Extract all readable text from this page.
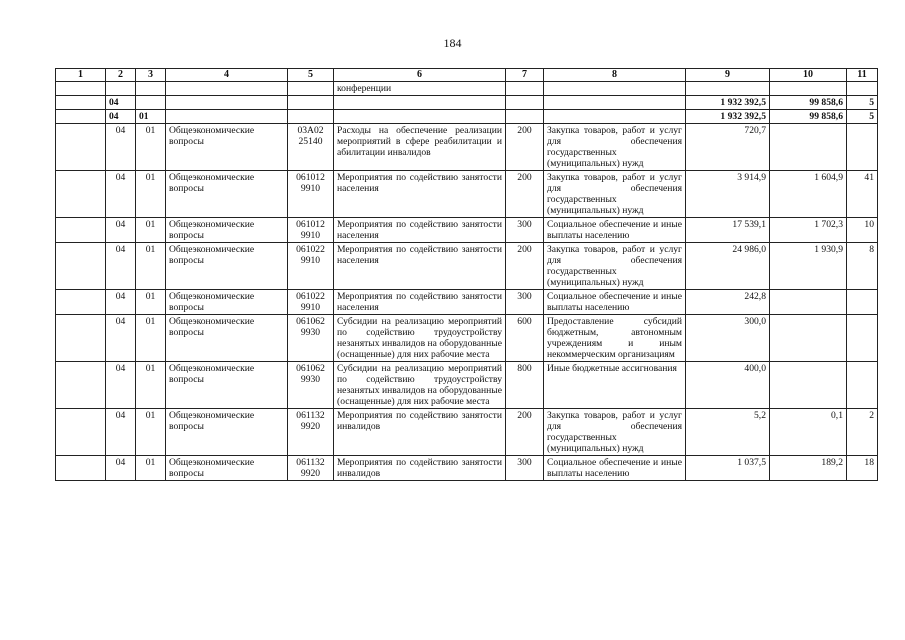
184
1	2	3	4	5	6	7	8	9	10	11
					конференции					
	04							1 932 392,5	99 858,6	5
	04	01						1 932 392,5	99 858,6	5
	04	01	Общеэкономические вопросы	03А02 25140	Расходы на обеспечение реализации мероприятий в сфере реабилитации и абилитации инвалидов	200	Закупка товаров, работ и услуг для обеспечения государственных (муниципальных) нужд	720,7		
	04	01	Общеэкономические вопросы	061012 9910	Мероприятия по содействию занятости населения	200	Закупка товаров, работ и услуг для обеспечения государственных (муниципальных) нужд	3 914,9	1 604,9	41
	04	01	Общеэкономические вопросы	061012 9910	Мероприятия по содействию занятости населения	300	Социальное обеспечение и иные выплаты населению	17 539,1	1 702,3	10
	04	01	Общеэкономические вопросы	061022 9910	Мероприятия по содействию занятости населения	200	Закупка товаров, работ и услуг для обеспечения государственных (муниципальных) нужд	24 986,0	1 930,9	8
	04	01	Общеэкономические вопросы	061022 9910	Мероприятия по содействию занятости населения	300	Социальное обеспечение и иные выплаты населению	242,8		
	04	01	Общеэкономические вопросы	061062 9930	Субсидии на реализацию мероприятий по содействию трудоустройству незанятых инвалидов на оборудованные (оснащенные) для них рабочие места	600	Предоставление субсидий бюджетным, автономным учреждениям и иным некоммерческим организациям	300,0		
	04	01	Общеэкономические вопросы	061062 9930	Субсидии на реализацию мероприятий по содействию трудоустройству незанятых инвалидов на оборудованные (оснащенные) для них рабочие места	800	Иные бюджетные ассигнования	400,0		
	04	01	Общеэкономические вопросы	061132 9920	Мероприятия по содействию занятости инвалидов	200	Закупка товаров, работ и услуг для обеспечения государственных (муниципальных) нужд	5,2	0,1	2
	04	01	Общеэкономические вопросы	061132 9920	Мероприятия по содействию занятости инвалидов	300	Социальное обеспечение и иные выплаты населению	1 037,5	189,2	18
